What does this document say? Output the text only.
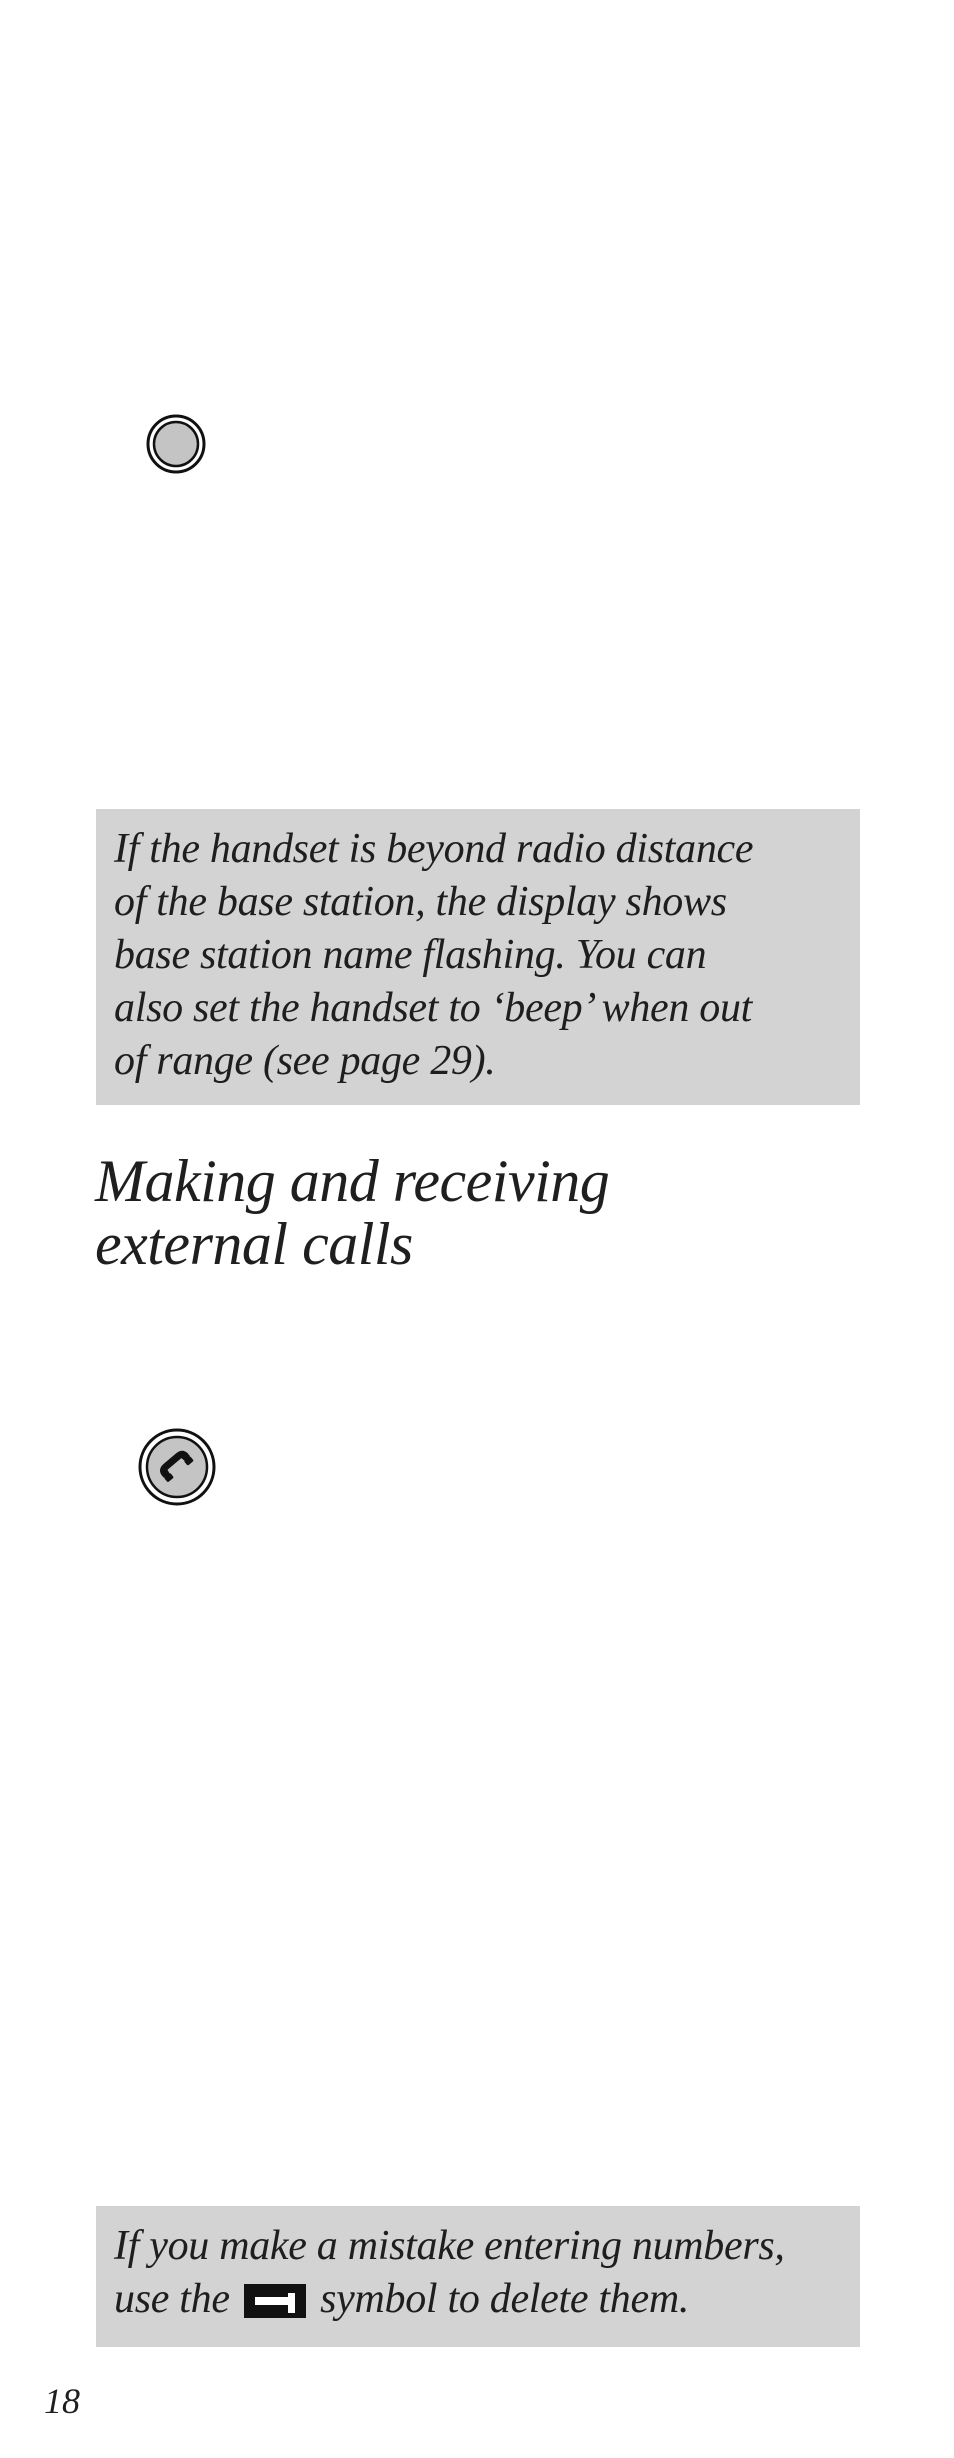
If the handset is beyond radio distance
of the base station, the display shows
base station name flashing. You can
also set the handset to ‘beep’ when out
of range (see page 29).
Making and receiving
external calls
If you make a mistake entering numbers,
use the symbol to delete them.
18
